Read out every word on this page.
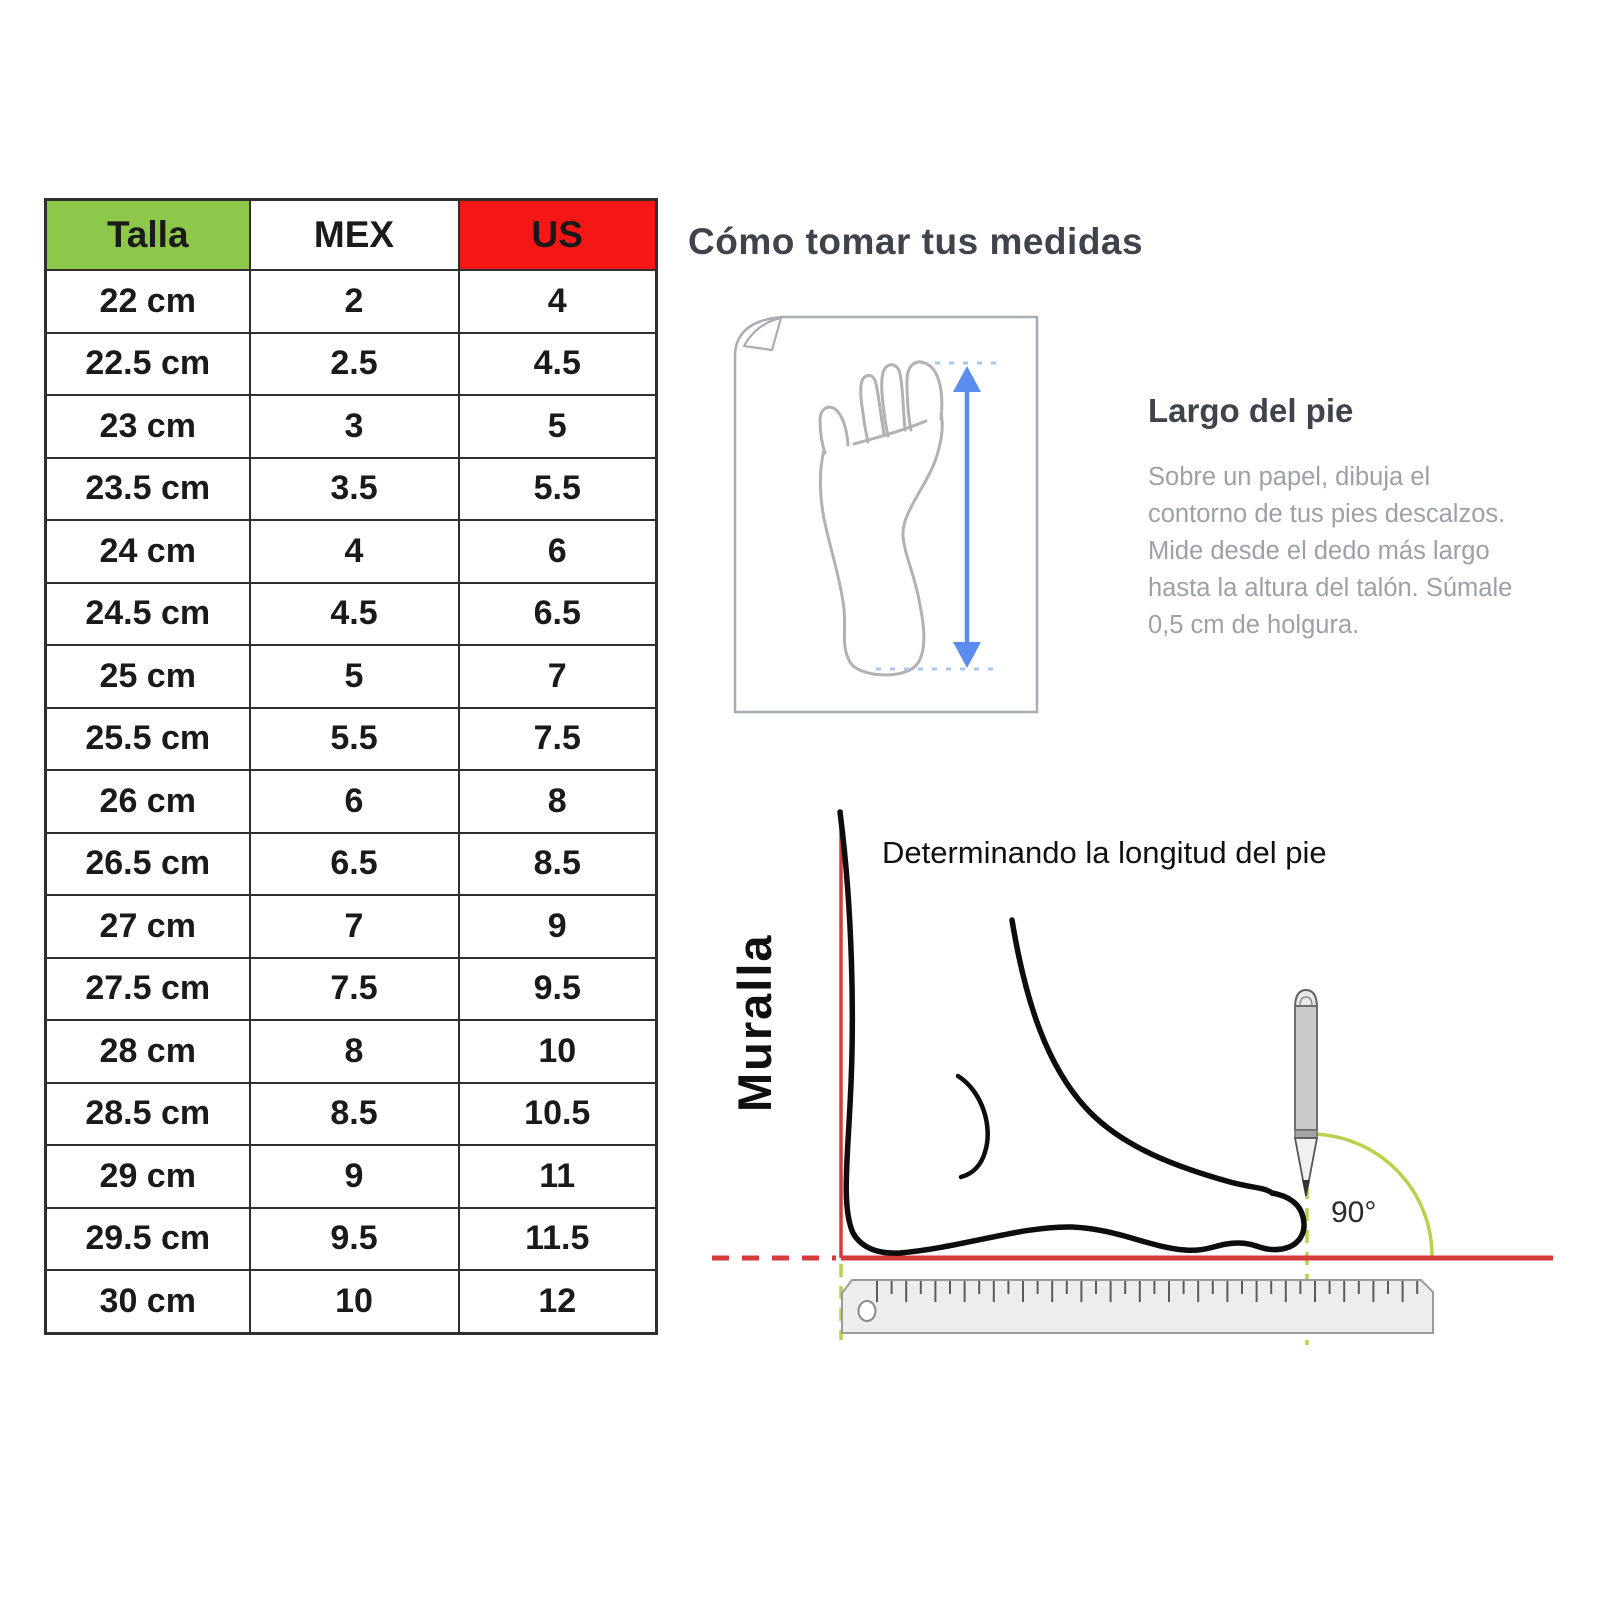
Talla	MEX	US
22 cm	2	4
22.5 cm	2.5	4.5
23 cm	3	5
23.5 cm	3.5	5.5
24 cm	4	6
24.5 cm	4.5	6.5
25 cm	5	7
25.5 cm	5.5	7.5
26 cm	6	8
26.5 cm	6.5	8.5
27 cm	7	9
27.5 cm	7.5	9.5
28 cm	8	10
28.5 cm	8.5	10.5
29 cm	9	11
29.5 cm	9.5	11.5
30 cm	10	12
Cómo tomar tus medidas
Largo del pie
Sobre un papel, dibuja el
contorno de tus pies descalzos.
Mide desde el dedo más largo
hasta la altura del talón. Súmale
0,5 cm de holgura.
Determinando la longitud del pie
Muralla
90°
